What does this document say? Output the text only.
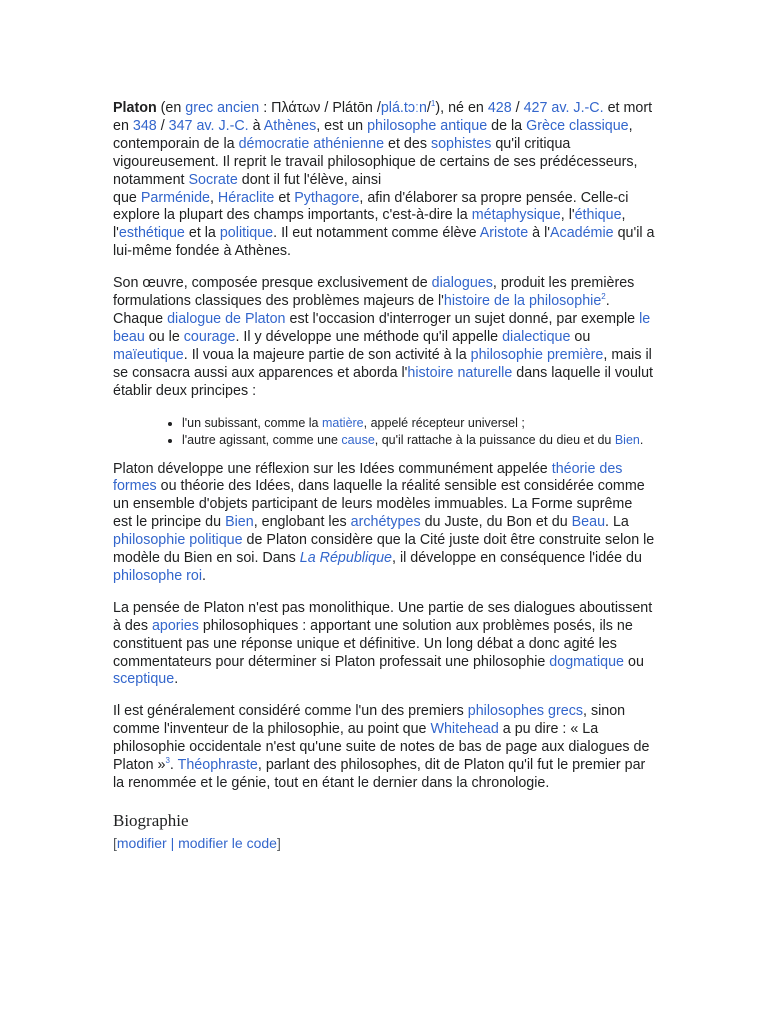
Platon (en grec ancien : Πλάτων / Plátōn /plá.tɔːn/$^1$), né en 428 / 427 av. J.-C. et mort en 348 / 347 av. J.-C. à Athènes, est un philosophe antique de la Grèce classique, contemporain de la démocratie athénienne et des sophistes qu'il critiqua vigoureusement. Il reprit le travail philosophique de certains de ses prédécesseurs, notamment Socrate dont il fut l'élève, ainsi
que Parménide, Héraclite et Pythagore, afin d'élaborer sa propre pensée. Celle-ci explore la plupart des champs importants, c'est-à-dire la métaphysique, l'éthique, l'esthétique et la politique. Il eut notamment comme élève Aristote à l'Académie qu'il a lui-même fondée à Athènes.

Son œuvre, composée presque exclusivement de dialogues, produit les premières formulations classiques des problèmes majeurs de l'histoire de la philosophie$^2$. Chaque dialogue de Platon est l'occasion d'interroger un sujet donné, par exemple le beau ou le courage. Il y développe une méthode qu'il appelle dialectique ou maïeutique. Il voua la majeure partie de son activité à la philosophie première, mais il se consacra aussi aux apparences et aborda l'histoire naturelle dans laquelle il voulut établir deux principes :

• l'un subissant, comme la matière, appelé récepteur universel ;
• l'autre agissant, comme une cause, qu'il rattache à la puissance du dieu et du Bien.

Platon développe une réflexion sur les Idées communément appelée théorie des formes ou théorie des Idées, dans laquelle la réalité sensible est considérée comme un ensemble d'objets participant de leurs modèles immuables. La Forme suprême est le principe du Bien, englobant les archétypes du Juste, du Bon et du Beau. La philosophie politique de Platon considère que la Cité juste doit être construite selon le modèle du Bien en soi. Dans La République, il développe en conséquence l'idée du philosophe roi.

La pensée de Platon n'est pas monolithique. Une partie de ses dialogues aboutissent à des apories philosophiques : apportant une solution aux problèmes posés, ils ne constituent pas une réponse unique et définitive. Un long débat a donc agité les commentateurs pour déterminer si Platon professait une philosophie dogmatique ou sceptique.

Il est généralement considéré comme l'un des premiers philosophes grecs, sinon comme l'inventeur de la philosophie, au point que Whitehead a pu dire : « La philosophie occidentale n'est qu'une suite de notes de bas de page aux dialogues de Platon »$^3$. Théophraste, parlant des philosophes, dit de Platon qu'il fut le premier par la renommée et le génie, tout en étant le dernier dans la chronologie.

Biographie
[modifier | modifier le code]
